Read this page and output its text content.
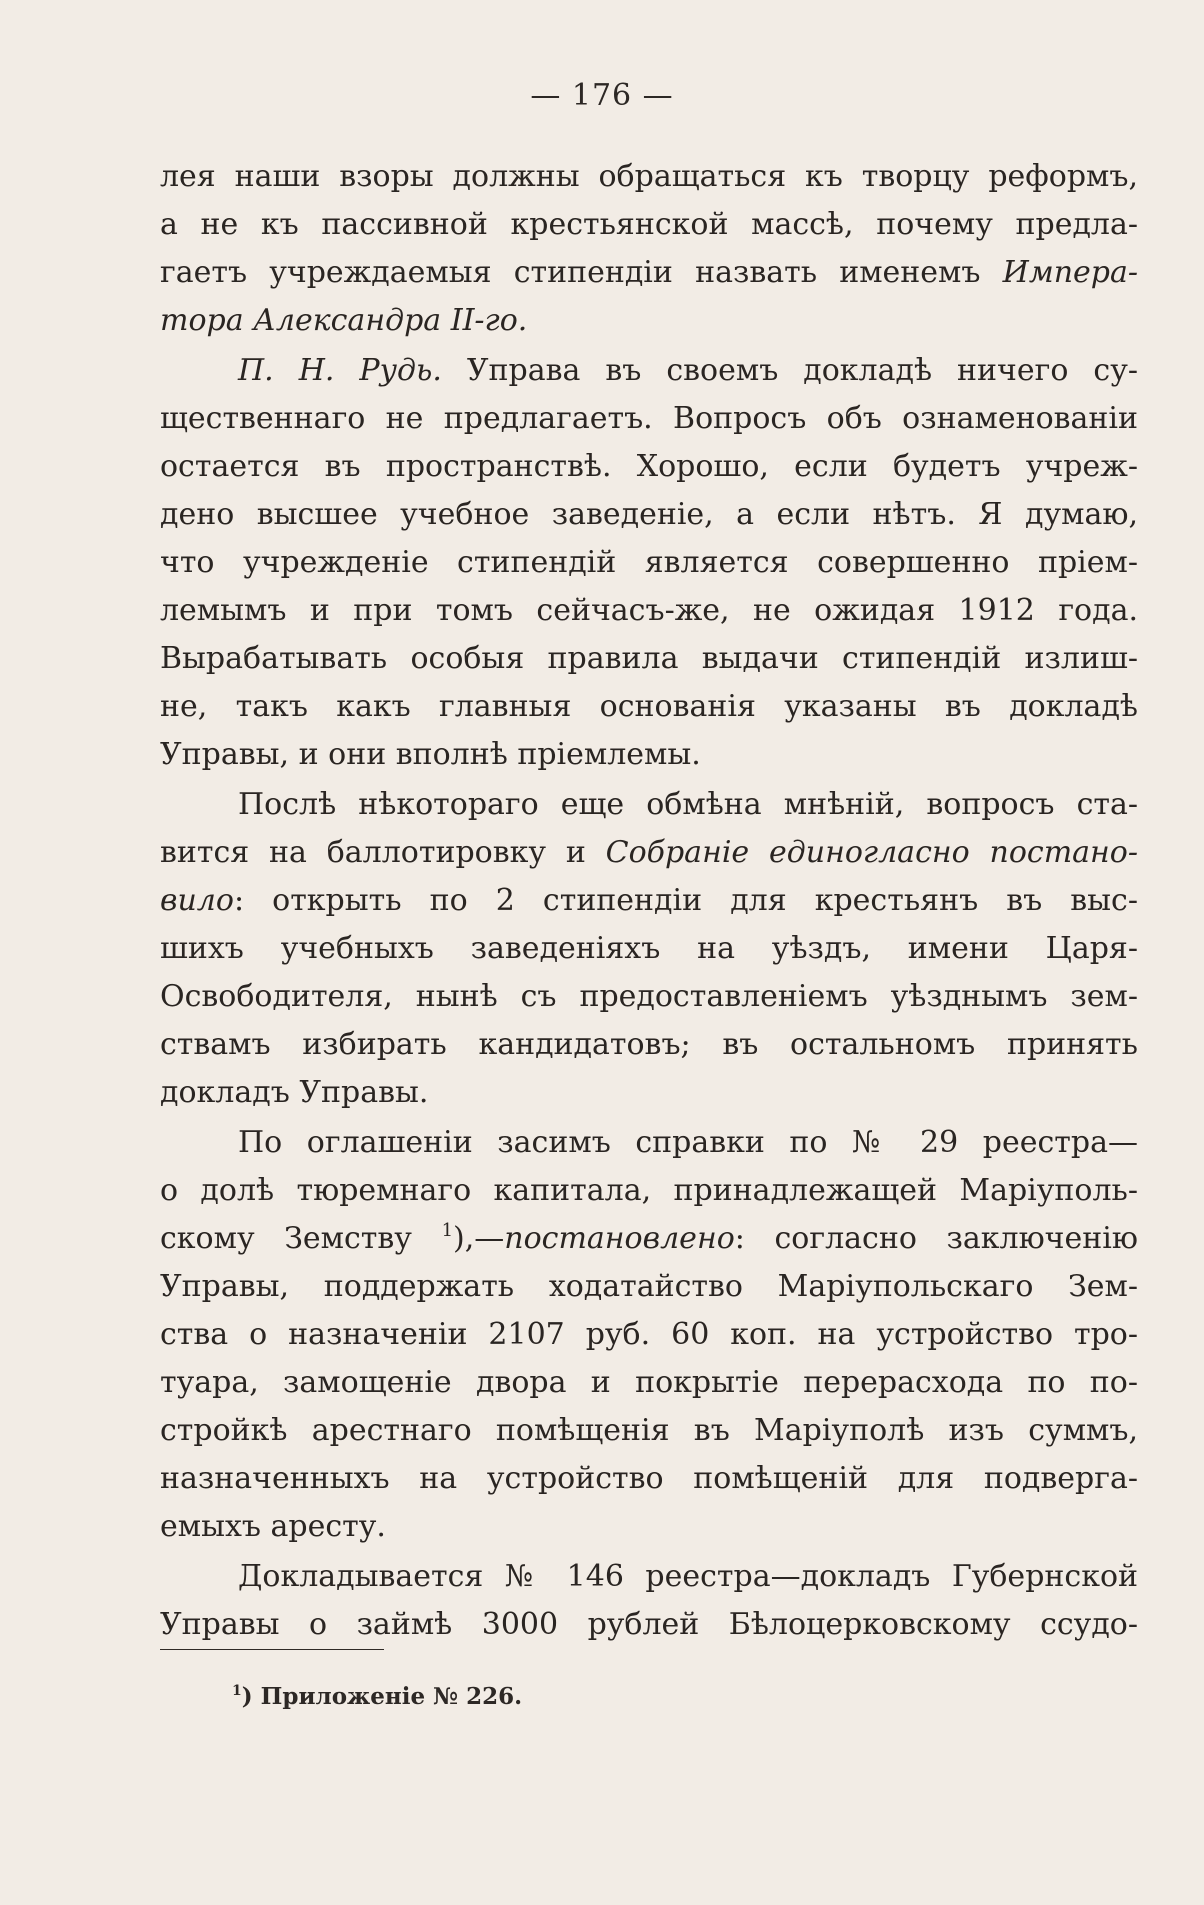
— 176 —
лея наши взоры должны обращаться къ творцу реформъ,
а не къ пассивной крестьянской массѣ, почему предла-
гаетъ учреждаемыя стипендіи назвать именемъ Импера-
тора Александра II-го.
П. Н. Рудь. Управа въ своемъ докладѣ ничего су-
щественнаго не предлагаетъ. Вопросъ объ ознаменованіи
остается въ пространствѣ. Хорошо, если будетъ учреж-
дено высшее учебное заведеніе, а если нѣтъ. Я думаю,
что учрежденіе стипендій является совершенно пріем-
лемымъ и при томъ сейчасъ-же, не ожидая 1912 года.
Вырабатывать особыя правила выдачи стипендій излиш-
не, такъ какъ главныя основанія указаны въ докладѣ
Управы, и они вполнѣ пріемлемы.
Послѣ нѣкотораго еще обмѣна мнѣній, вопросъ ста-
вится на баллотировку и Собраніе единогласно постано-
вило: открыть по 2 стипендіи для крестьянъ въ выс-
шихъ учебныхъ заведеніяхъ на уѣздъ, имени Царя-
Освободителя, нынѣ съ предоставленіемъ уѣзднымъ зем-
ствамъ избирать кандидатовъ; въ остальномъ принять
докладъ Управы.
По оглашеніи засимъ справки по № 29 реестра—
о долѣ тюремнаго капитала, принадлежащей Маріуполь-
скому Земству $^1$),—постановлено: согласно заключенію
Управы, поддержать ходатайство Маріупольскаго Зем-
ства о назначеніи 2107 руб. 60 коп. на устройство тро-
туара, замощеніе двора и покрытіе перерасхода по по-
стройкѣ арестнаго помѣщенія въ Маріуполѣ изъ суммъ,
назначенныхъ на устройство помѣщеній для подверга-
емыхъ аресту.
Докладывается № 146 реестра—докладъ Губернской
Управы о займѣ 3000 рублей Бѣлоцерковскому ссудо-
$^1$) Приложеніе № 226.
